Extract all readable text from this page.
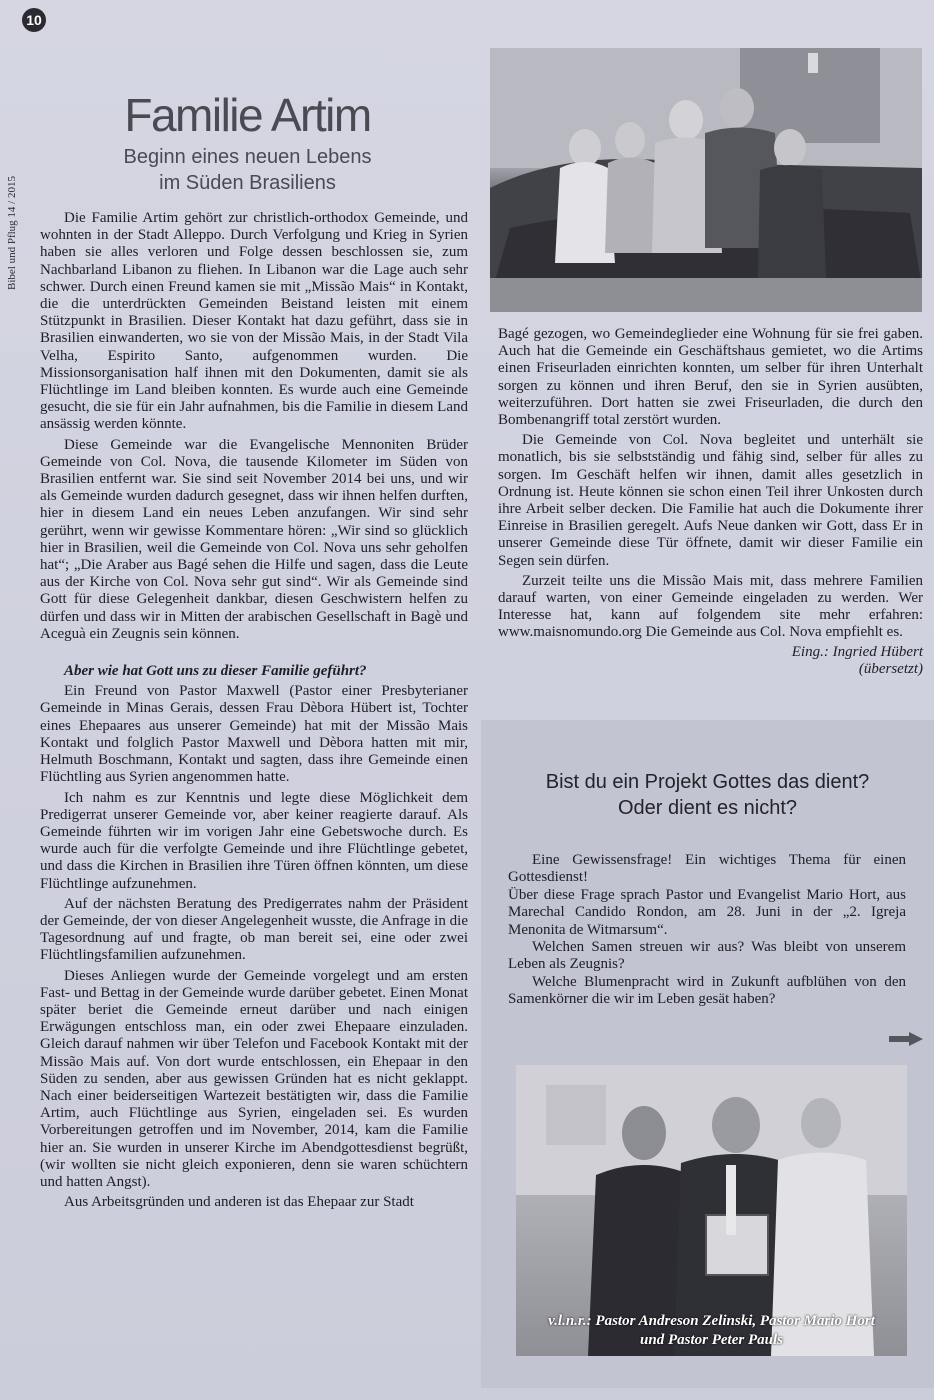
10
Bibel und Pflug 14 / 2015
Familie Artim
Beginn eines neuen Lebens
im Süden Brasiliens

Die Familie Artim gehört zur christlich-orthodox Gemeinde, und wohnten in der Stadt Alleppo. Durch Verfolgung und Krieg in Syrien haben sie alles verloren und Folge dessen beschlossen sie, zum Nachbarland Libanon zu fliehen. In Libanon war die Lage auch sehr schwer. Durch einen Freund kamen sie mit „Missão Mais“ in Kontakt, die die unterdrückten Gemeinden Beistand leisten mit einem Stützpunkt in Brasilien. Dieser Kontakt hat dazu geführt, dass sie in Brasilien einwanderten, wo sie von der Missão Mais, in der Stadt Vila Velha, Espirito Santo, aufgenommen wurden. Die Missionsorganisation half ihnen mit den Dokumenten, damit sie als Flüchtlinge im Land bleiben konnten. Es wurde auch eine Gemeinde gesucht, die sie für ein Jahr aufnahmen, bis die Familie in diesem Land ansässig werden könnte.

Diese Gemeinde war die Evangelische Mennoniten Brüder Gemeinde von Col. Nova, die tausende Kilometer im Süden von Brasilien entfernt war. Sie sind seit November 2014 bei uns, und wir als Gemeinde wurden dadurch gesegnet, dass wir ihnen helfen durften, hier in diesem Land ein neues Leben anzufangen. Wir sind sehr gerührt, wenn wir gewisse Kommentare hören: „Wir sind so glücklich hier in Brasilien, weil die Gemeinde von Col. Nova uns sehr geholfen hat“; „Die Araber aus Bagé sehen die Hilfe und sagen, dass die Leute aus der Kirche von Col. Nova sehr gut sind“. Wir als Gemeinde sind Gott für diese Gelegenheit dankbar, diesen Geschwistern helfen zu dürfen und dass wir in Mitten der arabischen Gesellschaft in Bagè und Aceguà ein Zeugnis sein können.

Aber wie hat Gott uns zu dieser Familie geführt?

Ein Freund von Pastor Maxwell (Pastor einer Presbyterianer Gemeinde in Minas Gerais, dessen Frau Dèbora Hübert ist, Tochter eines Ehepaares aus unserer Gemeinde) hat mit der Missão Mais Kontakt und folglich Pastor Maxwell und Dèbora hatten mit mir, Helmuth Boschmann, Kontakt und sagten, dass ihre Gemeinde einen Flüchtling aus Syrien angenommen hatte.

Ich nahm es zur Kenntnis und legte diese Möglichkeit dem Predigerrat unserer Gemeinde vor, aber keiner reagierte darauf. Als Gemeinde führten wir im vorigen Jahr eine Gebetswoche durch. Es wurde auch für die verfolgte Gemeinde und ihre Flüchtlinge gebetet, und dass die Kirchen in Brasilien ihre Türen öffnen könnten, um diese Flüchtlinge aufzunehmen.

Auf der nächsten Beratung des Predigerrates nahm der Präsident der Gemeinde, der von dieser Angelegenheit wusste, die Anfrage in die Tagesordnung auf und fragte, ob man bereit sei, eine oder zwei Flüchtlingsfamilien aufzunehmen.

Dieses Anliegen wurde der Gemeinde vorgelegt und am ersten Fast- und Bettag in der Gemeinde wurde darüber gebetet. Einen Monat später beriet die Gemeinde erneut darüber und nach einigen Erwägungen entschloss man, ein oder zwei Ehepaare einzuladen. Gleich darauf nahmen wir über Telefon und Facebook Kontakt mit der Missão Mais auf. Von dort wurde entschlossen, ein Ehepaar in den Süden zu senden, aber aus gewissen Gründen hat es nicht geklappt. Nach einer beiderseitigen Wartezeit bestätigten wir, dass die Familie Artim, auch Flüchtlinge aus Syrien, eingeladen sei. Es wurden Vorbereitungen getroffen und im November, 2014, kam die Familie hier an. Sie wurden in unserer Kirche im Abendgottesdienst begrüßt, (wir wollten sie nicht gleich exponieren, denn sie waren schüchtern und hatten Angst).

Aus Arbeitsgründen und anderen ist das Ehepaar zur Stadt

Bagé gezogen, wo Gemeindeglieder eine Wohnung für sie frei gaben. Auch hat die Gemeinde ein Geschäftshaus gemietet, wo die Artims einen Friseurladen einrichten konnten, um selber für ihren Unterhalt sorgen zu können und ihren Beruf, den sie in Syrien ausübten, weiterzuführen. Dort hatten sie zwei Friseurladen, die durch den Bombenangriff total zerstört wurden.

Die Gemeinde von Col. Nova begleitet und unterhält sie monatlich, bis sie selbstständig und fähig sind, selber für alles zu sorgen. Im Geschäft helfen wir ihnen, damit alles gesetzlich in Ordnung ist. Heute können sie schon einen Teil ihrer Unkosten durch ihre Arbeit selber decken. Die Familie hat auch die Dokumente ihrer Einreise in Brasilien geregelt. Aufs Neue danken wir Gott, dass Er in unserer Gemeinde diese Tür öffnete, damit wir dieser Familie ein Segen sein dürfen.

Zurzeit teilte uns die Missão Mais mit, dass mehrere Familien darauf warten, von einer Gemeinde eingeladen zu werden. Wer Interesse hat, kann auf folgendem site mehr erfahren: www.maisnomundo.org Die Gemeinde aus Col. Nova empfiehlt es.

Eing.: Ingried Hübert
(übersetzt)

Bist du ein Projekt Gottes das dient?
Oder dient es nicht?

Eine Gewissensfrage! Ein wichtiges Thema für einen Gottesdienst!

Über diese Frage sprach Pastor und Evangelist Mario Hort, aus Marechal Candido Rondon, am 28. Juni in der „2. Igreja Menonita de Witmarsum“.

Welchen Samen streuen wir aus? Was bleibt von unserem Leben als Zeugnis?

Welche Blumenpracht wird in Zukunft aufblühen von den Samenkörner die wir im Leben gesät haben?

v.l.n.r.: Pastor Andreson Zelinski, Pastor Mario Hort
und Pastor Peter Pauls
